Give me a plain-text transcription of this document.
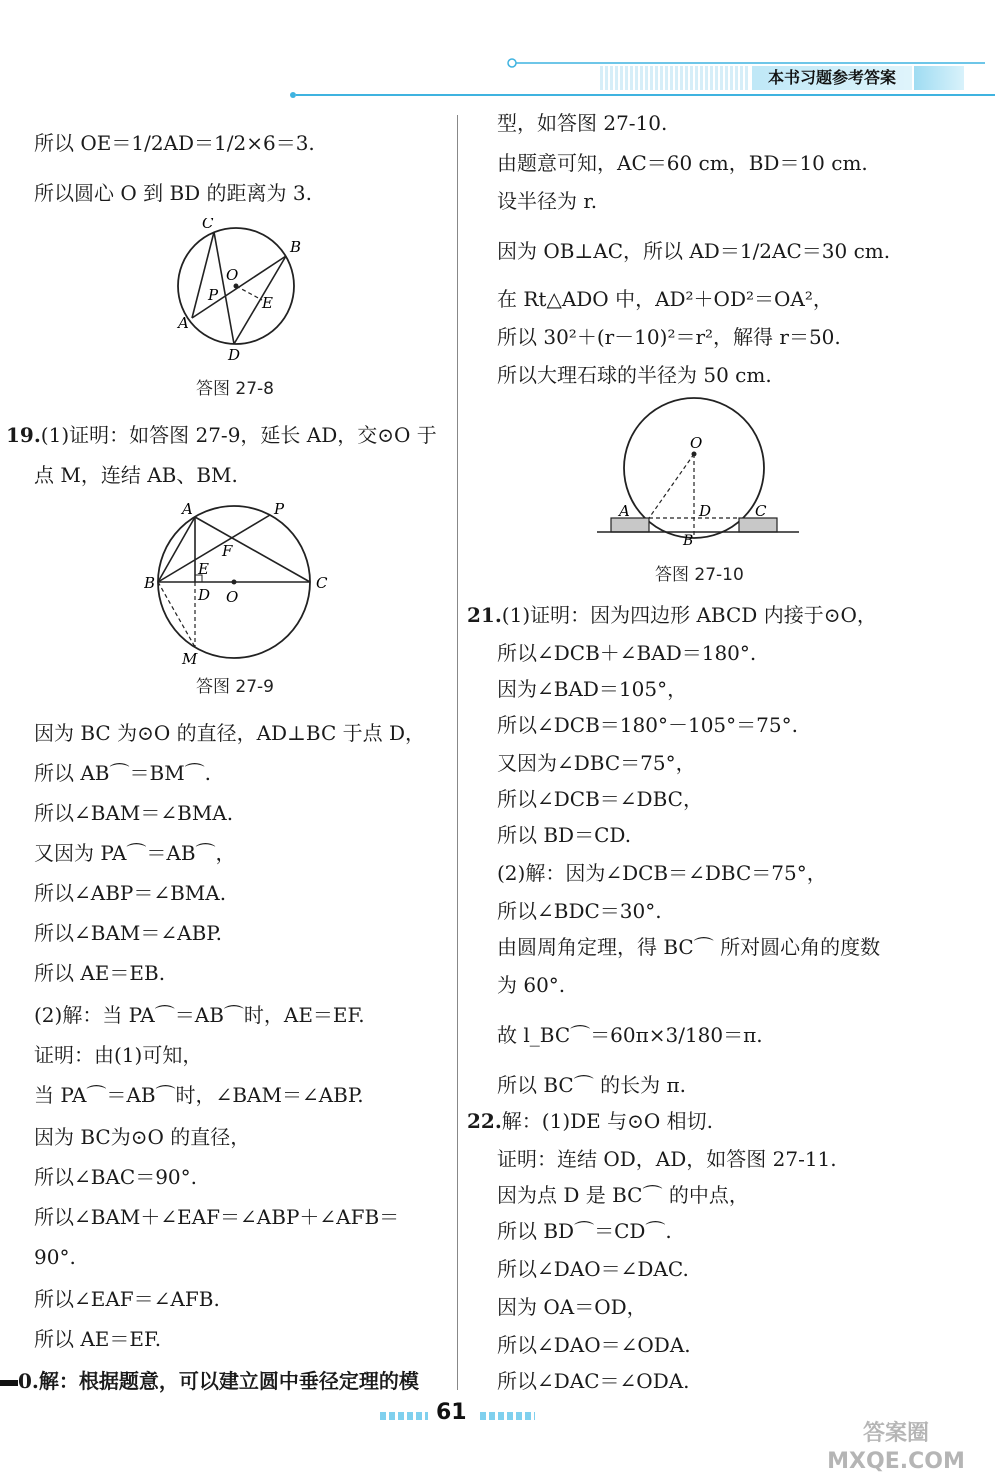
本书习题参考答案
所以 OE＝1/2AD＝1/2×6＝3.
所以圆心 O 到 BD 的距离为 3.
C
B
O
P	E
A
D
答图 27-8
19.(1)证明：如答图 27-9，延长 AD，交⊙O 于
点 M，连结 AB、BM.
A	P
F
E
B
D O
C
M
答图 27-9
因为 BC 为⊙O 的直径，AD⊥BC 于点 D，
所以 AB⌒＝BM⌒.
所以∠BAM＝∠BMA.
又因为 PA⌒＝AB⌒，
所以∠ABP＝∠BMA.
所以∠BAM＝∠ABP.
所以 AE＝EB.
(2)解：当 PA⌒＝AB⌒时，AE＝EF.
证明：由(1)可知，
当 PA⌒＝AB⌒时，∠BAM＝∠ABP.
因为 BC为⊙O 的直径，
所以∠BAC＝90°.
所以∠BAM＋∠EAF＝∠ABP＋∠AFB＝
90°.
所以∠EAF＝∠AFB.
所以 AE＝EF.
0.解：根据题意，可以建立圆中垂径定理的模
型，如答图 27-10.
由题意可知，AC＝60 cm，BD＝10 cm.
设半径为 r.
因为 OB⊥AC，所以 AD＝1/2AC＝30 cm.
在 Rt△ADO 中，AD²＋OD²＝OA²，
所以 30²＋(r－10)²＝r²，解得 r＝50.
所以大理石球的半径为 50 cm.
O
A	D	C
B
答图 27-10
21.(1)证明：因为四边形 ABCD 内接于⊙O，
所以∠DCB＋∠BAD＝180°.
因为∠BAD＝105°，
所以∠DCB＝180°－105°＝75°.
又因为∠DBC＝75°，
所以∠DCB＝∠DBC，
所以 BD＝CD.
(2)解：因为∠DCB＝∠DBC＝75°，
所以∠BDC＝30°.
由圆周角定理，得 BC⌒ 所对圆心角的度数
为 60°.
故 l_BC⌒＝60π×3/180＝π.
所以 BC⌒ 的长为 π.
22.解：(1)DE 与⊙O 相切.
证明：连结 OD，AD，如答图 27-11.
因为点 D 是 BC⌒ 的中点，
所以 BD⌒＝CD⌒.
所以∠DAO＝∠DAC.
因为 OA＝OD，
所以∠DAO＝∠ODA.
所以∠DAC＝∠ODA.
61
答案圈 MXQE.COM
